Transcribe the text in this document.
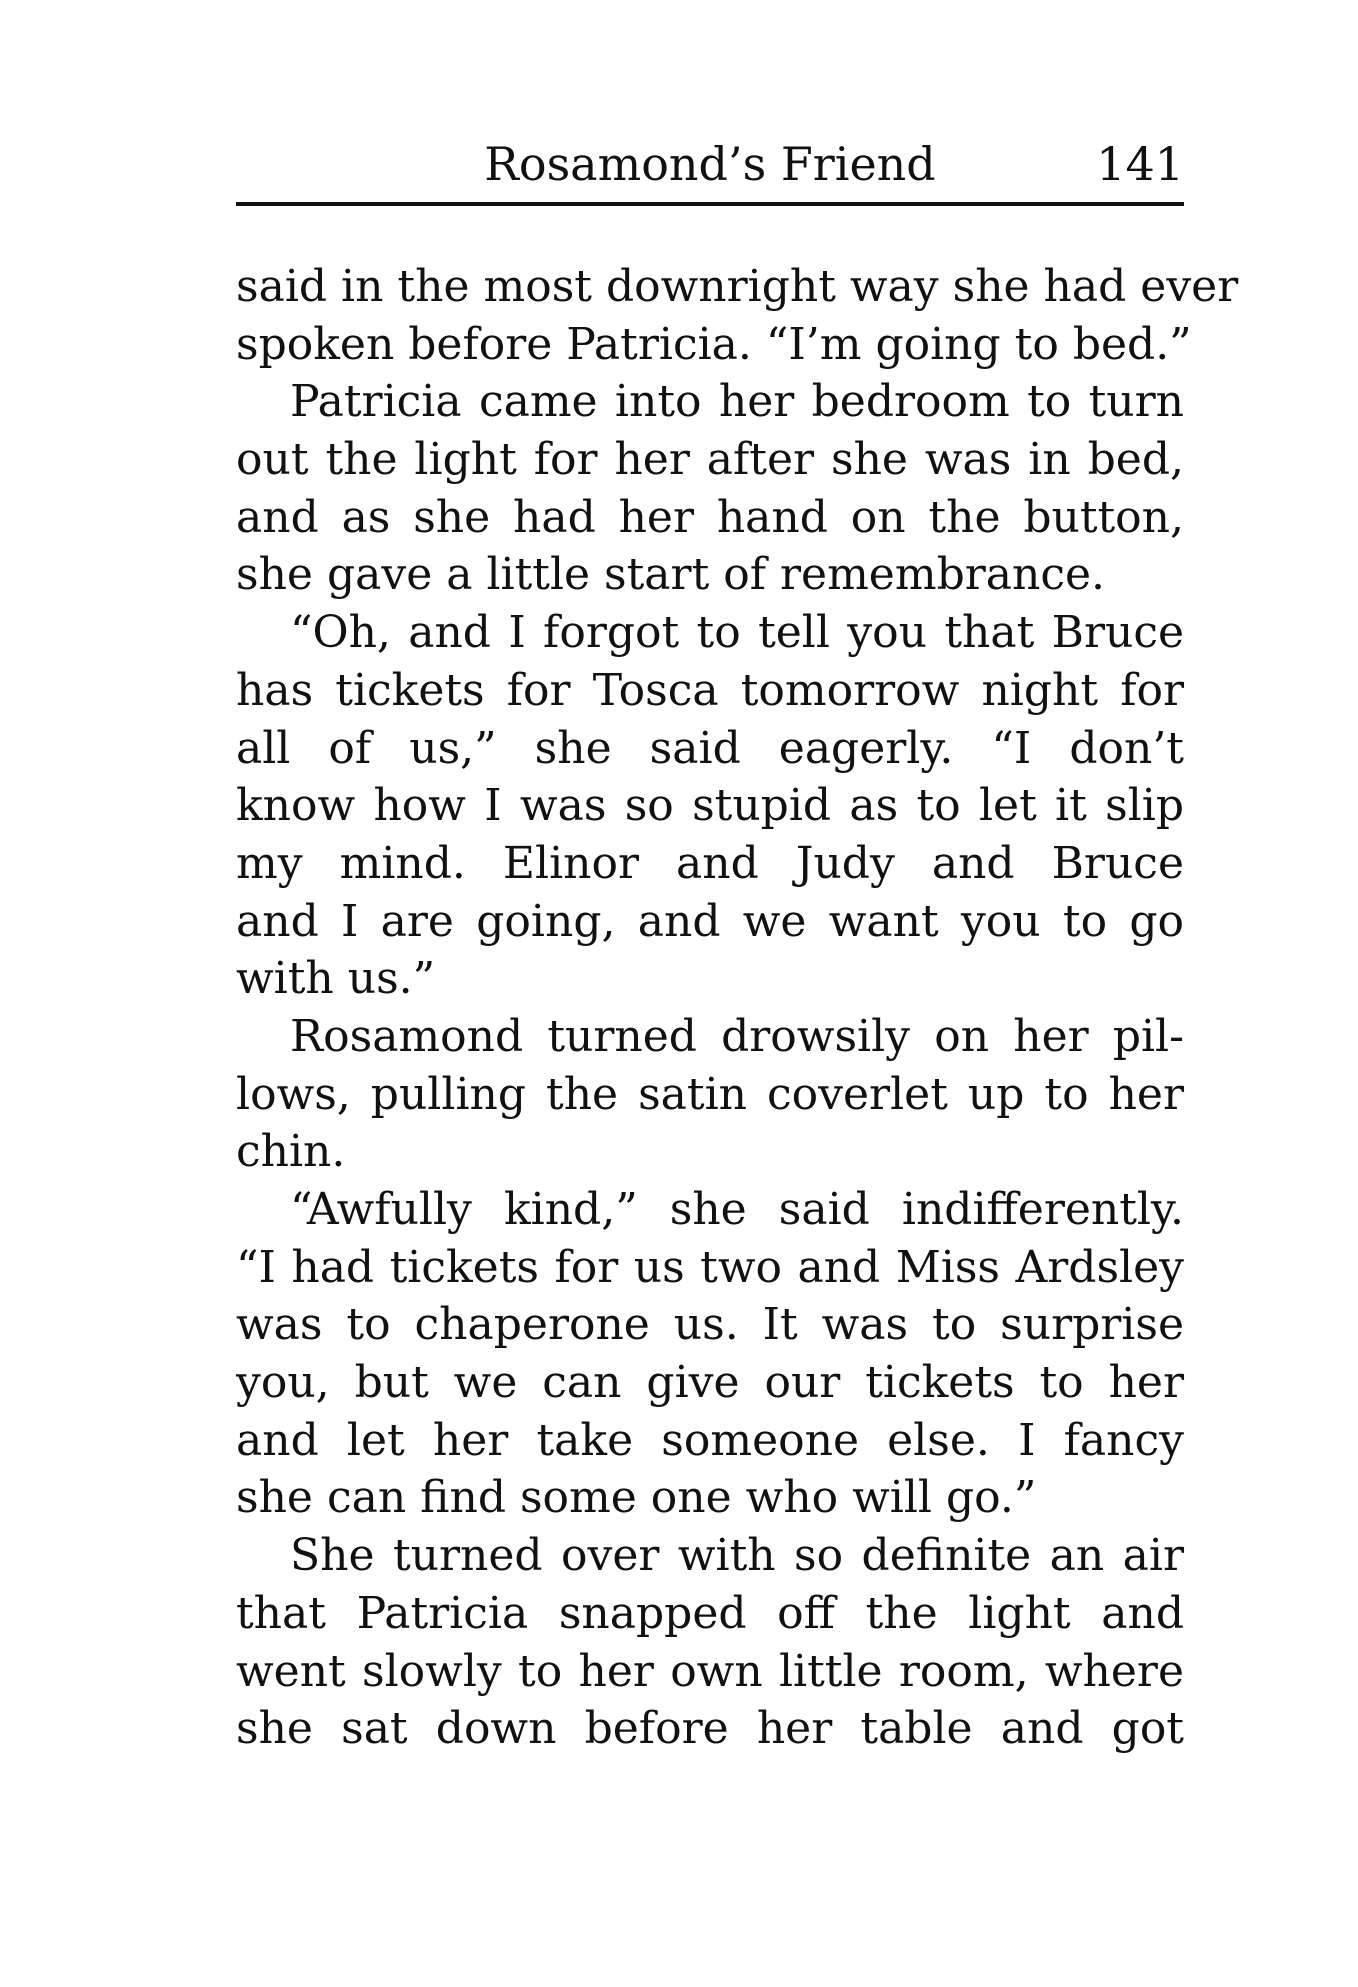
Rosamond’s Friend	141
said in the most downright way she had ever
spoken before Patricia. “I’m going to bed.”
Patricia came into her bedroom to turn
out the light for her after she was in bed,
and as she had her hand on the button,
she gave a little start of remembrance.
“Oh, and I forgot to tell you that Bruce
has tickets for Tosca tomorrow night for
all of us,” she said eagerly. “I don’t
know how I was so stupid as to let it slip
my mind. Elinor and Judy and Bruce
and I are going, and we want you to go
with us.”
Rosamond turned drowsily on her pil-
lows, pulling the satin coverlet up to her
chin.
“Awfully kind,” she said indifferently.
“I had tickets for us two and Miss Ardsley
was to chaperone us. It was to surprise
you, but we can give our tickets to her
and let her take someone else. I fancy
she can find some one who will go.”
She turned over with so definite an air
that Patricia snapped off the light and
went slowly to her own little room, where
she sat down before her table and got
